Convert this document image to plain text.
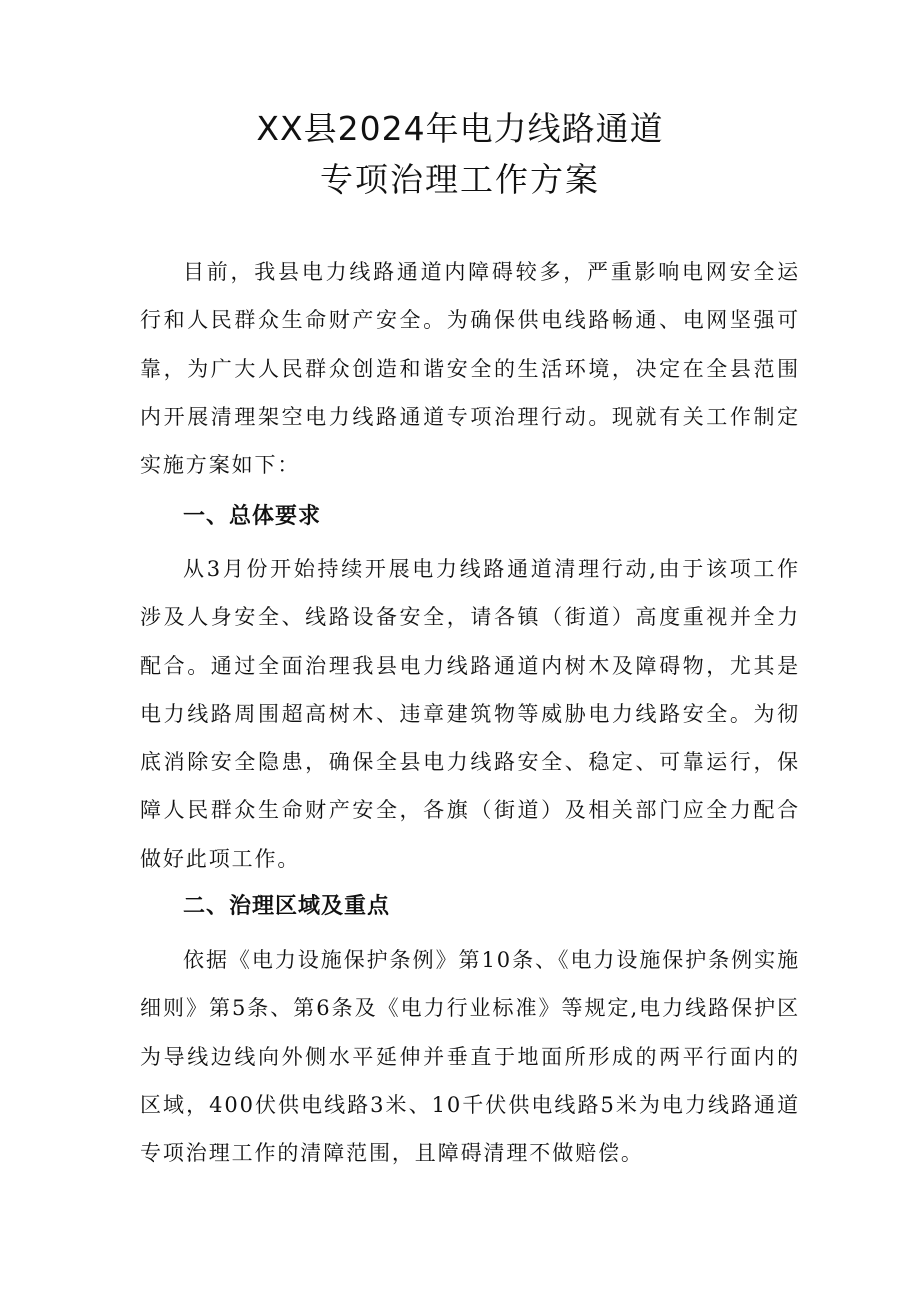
XX县2024年电力线路通道
专项治理工作方案

目前，我县电力线路通道内障碍较多，严重影响电网安全运行和人民群众生命财产安全。为确保供电线路畅通、电网坚强可靠，为广大人民群众创造和谐安全的生活环境，决定在全县范围内开展清理架空电力线路通道专项治理行动。现就有关工作制定实施方案如下：

一、总体要求

从3月份开始持续开展电力线路通道清理行动,由于该项工作涉及人身安全、线路设备安全，请各镇（街道）高度重视并全力配合。通过全面治理我县电力线路通道内树木及障碍物，尤其是电力线路周围超高树木、违章建筑物等威胁电力线路安全。为彻底消除安全隐患，确保全县电力线路安全、稳定、可靠运行，保障人民群众生命财产安全，各旗（街道）及相关部门应全力配合做好此项工作。

二、治理区域及重点

依据《电力设施保护条例》第10条、《电力设施保护条例实施细则》第5条、第6条及《电力行业标准》等规定,电力线路保护区为导线边线向外侧水平延伸并垂直于地面所形成的两平行面内的区域，400伏供电线路3米、10千伏供电线路5米为电力线路通道专项治理工作的清障范围，且障碍清理不做赔偿。
